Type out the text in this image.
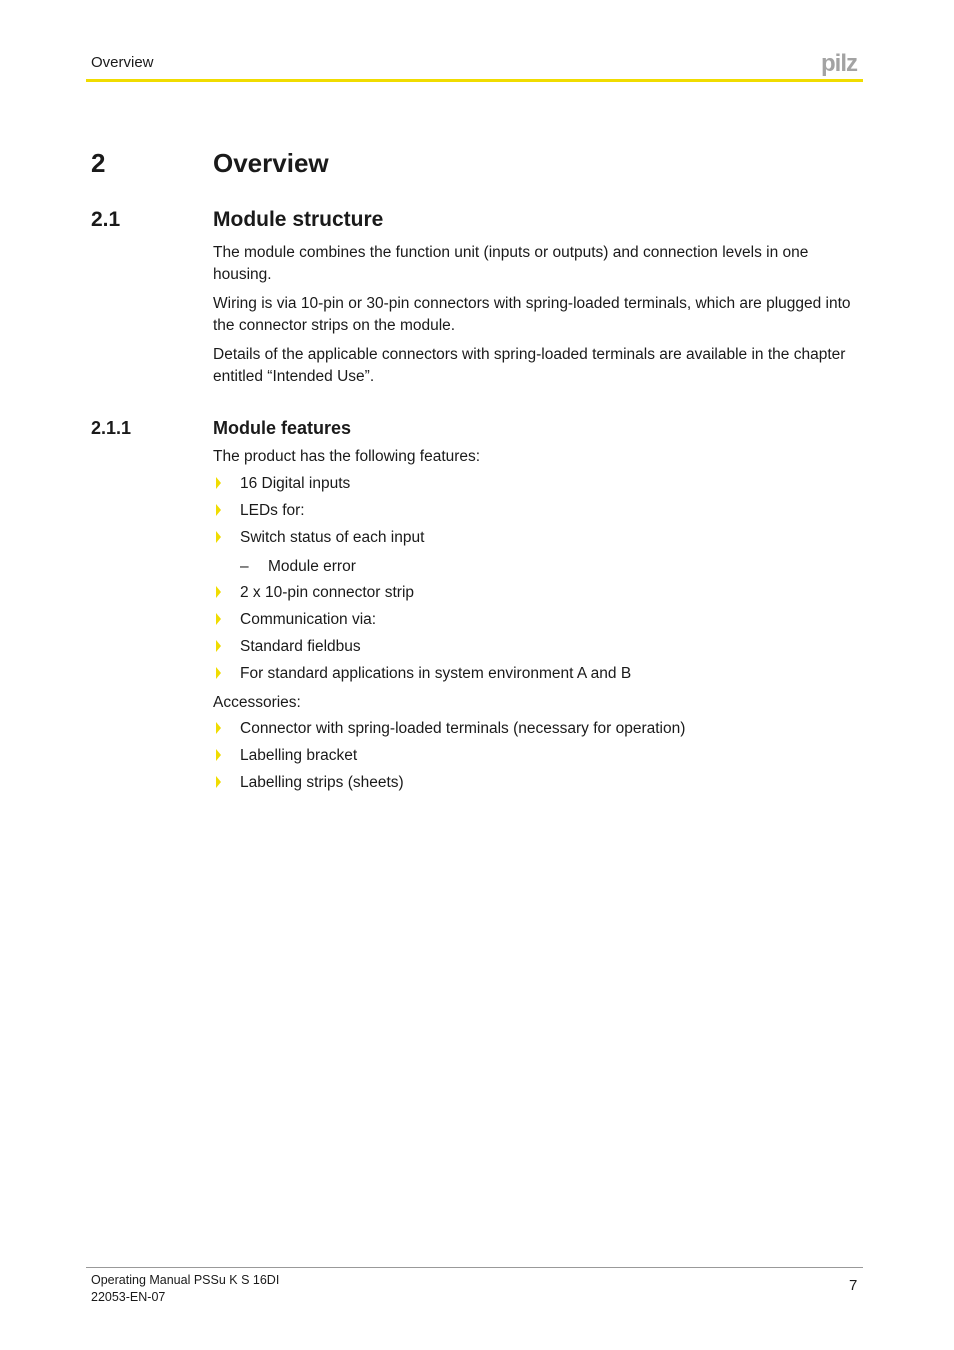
Overview	pilz
2	Overview
2.1	Module structure
The module combines the function unit (inputs or outputs) and connection levels in one housing.
Wiring is via 10-pin or 30-pin connectors with spring-loaded terminals, which are plugged into the connector strips on the module.
Details of the applicable connectors with spring-loaded terminals are available in the chapter entitled “Intended Use”.
2.1.1	Module features
The product has the following features:
16 Digital inputs
LEDs for:
Switch status of each input
– Module error
2 x 10-pin connector strip
Communication via:
Standard fieldbus
For standard applications in system environment A and B
Accessories:
Connector with spring-loaded terminals (necessary for operation)
Labelling bracket
Labelling strips (sheets)
Operating Manual PSSu K S 16DI
22053-EN-07
7
